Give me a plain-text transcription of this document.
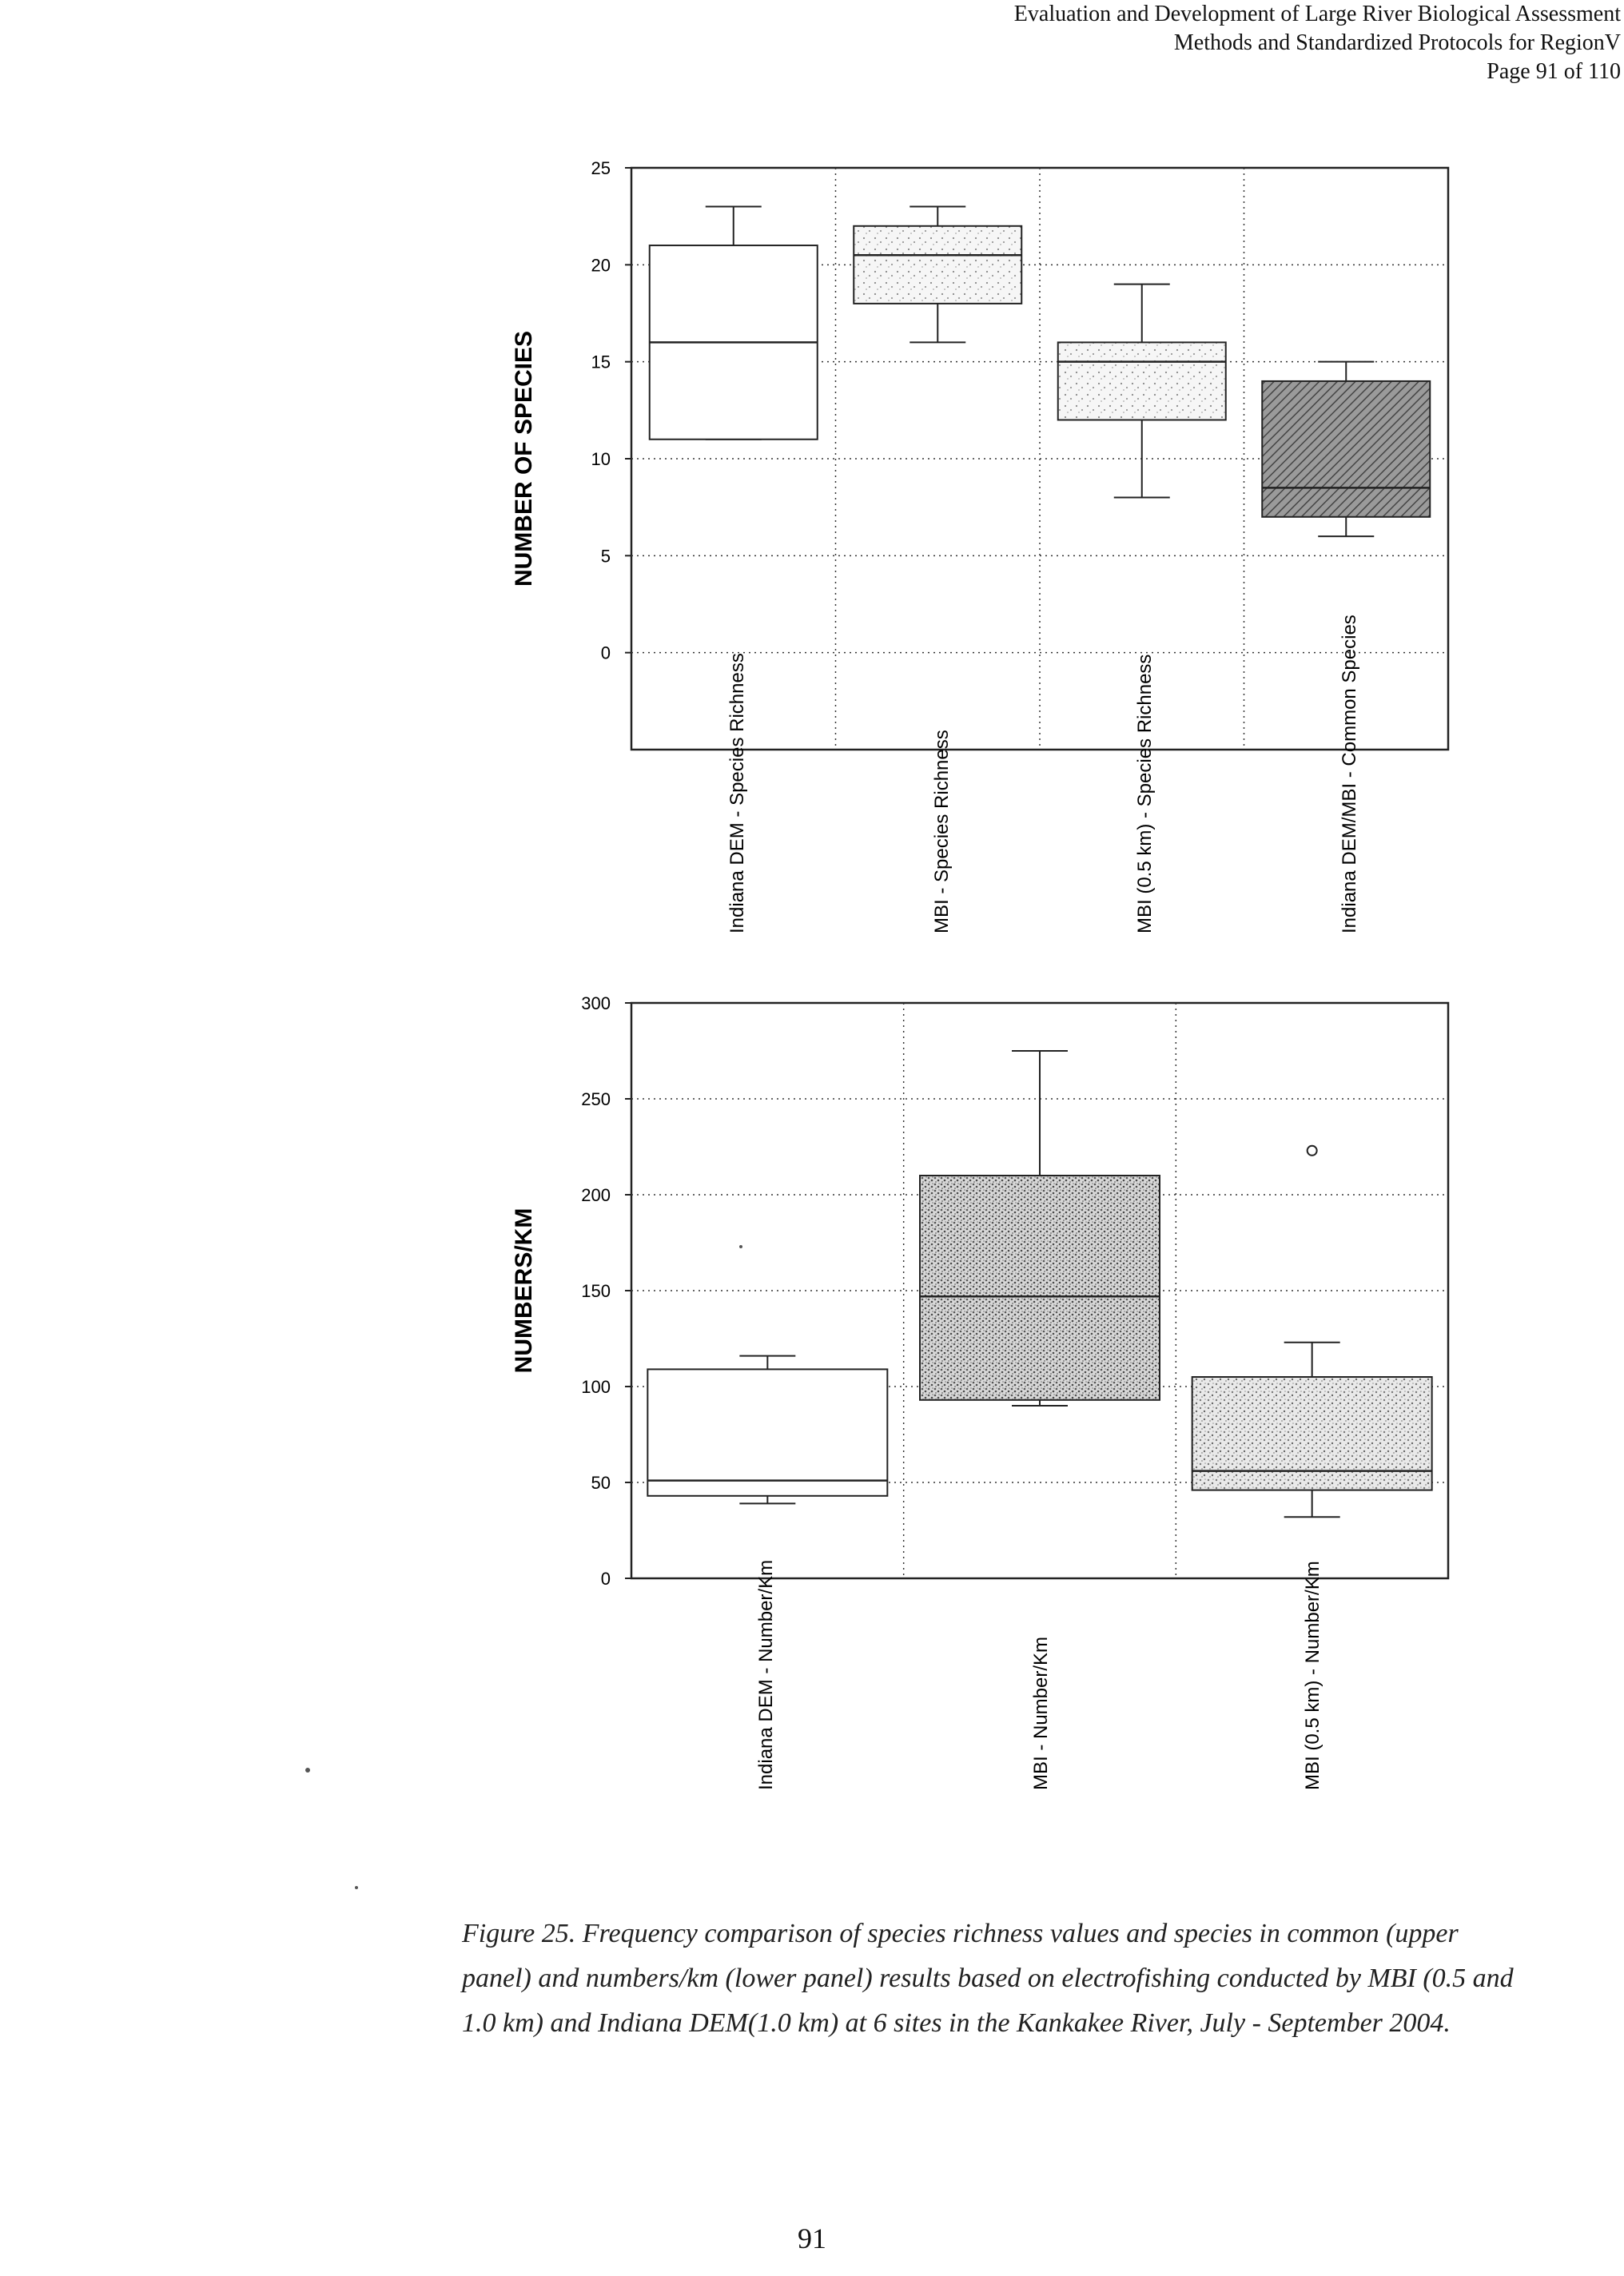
Evaluation and Development of Large River Biological Assessment
Methods and Standardized Protocols for RegionV
Page 91 of 110
0
5
10
15
20
25
NUMBER OF SPECIES
Indiana DEM - Species Richness	MBI - Species Richness	MBI (0.5 km) - Species Richness	Indiana DEM/MBI - Common Species
0
50
100
150
200
250
300
NUMBERS/KM
Indiana DEM - Number/Km	MBI - Number/Km	MBI (0.5 km) - Number/Km
Figure 25. Frequency comparison of species richness values and species in common (upper panel) and numbers/km (lower panel) results based on electrofishing conducted by MBI (0.5 and 1.0 km) and Indiana DEM(1.0 km) at 6 sites in the Kankakee River, July - September 2004.
91
